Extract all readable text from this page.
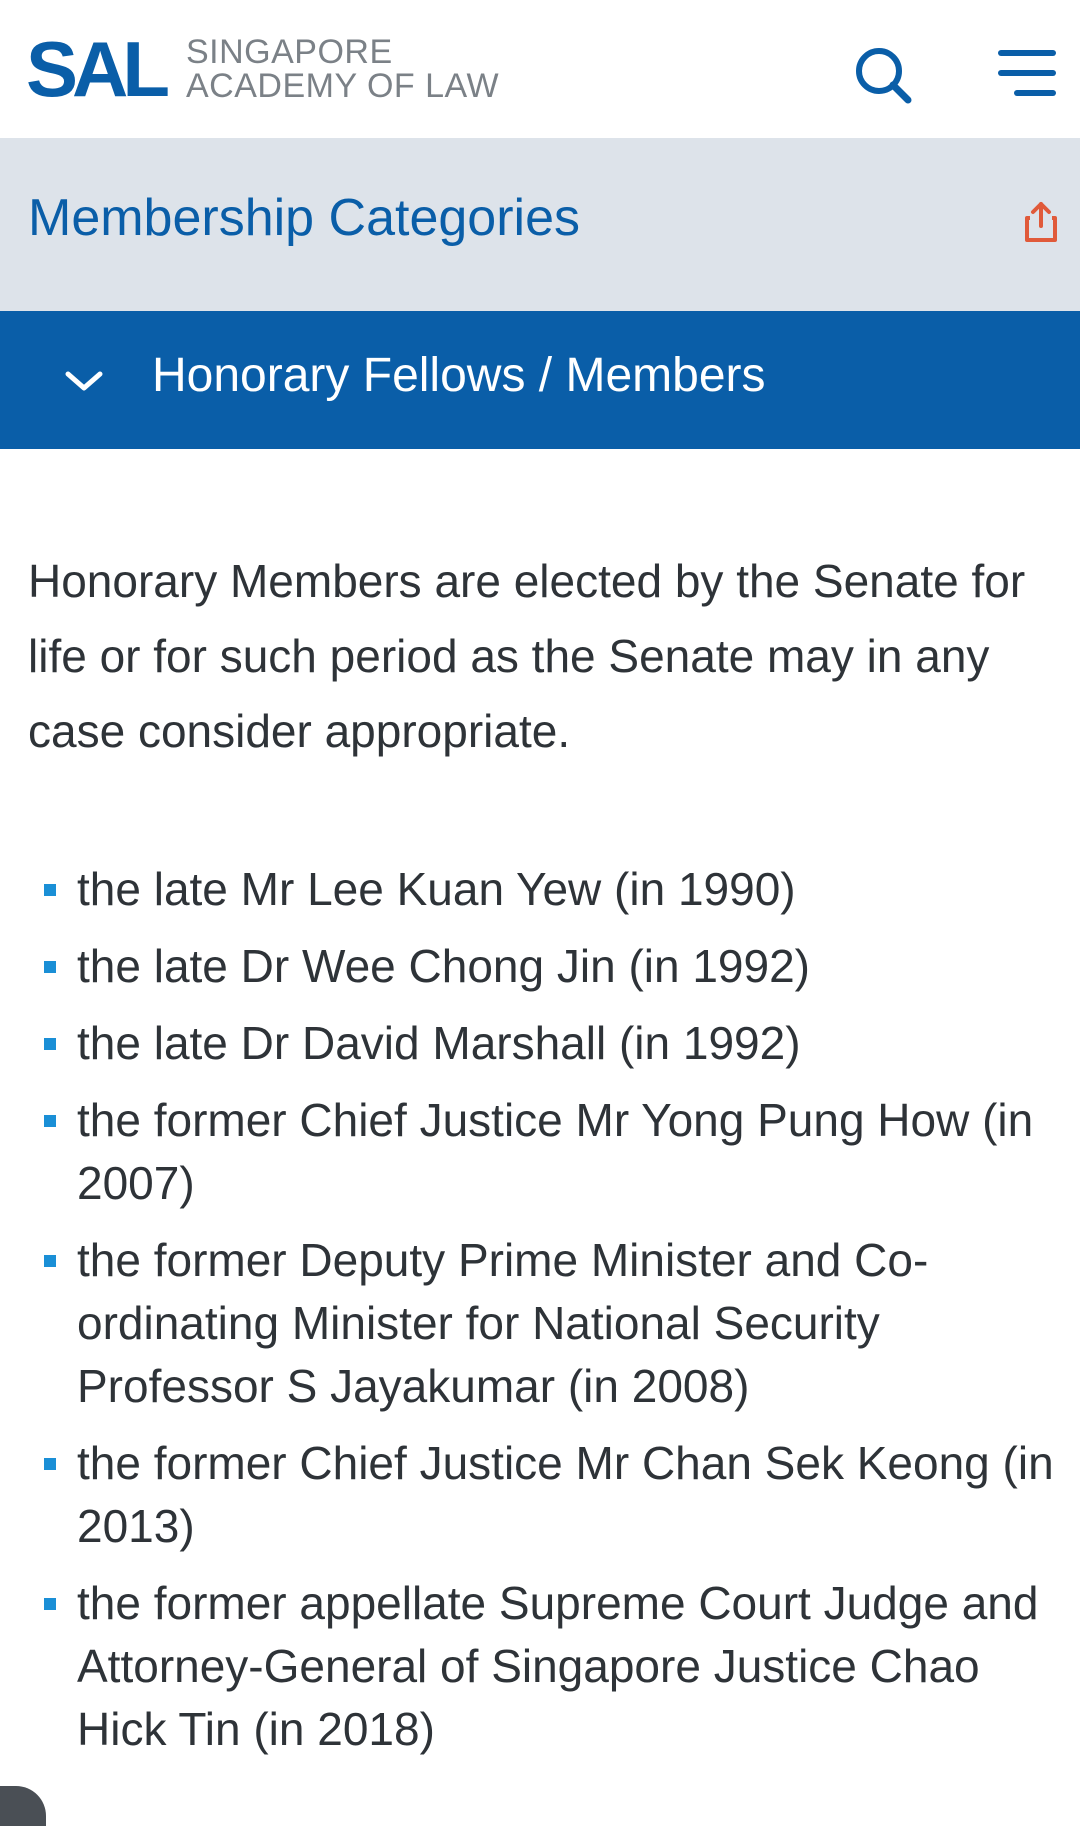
SAL SINGAPORE
ACADEMY OF LAW
Membership Categories
Honorary Fellows / Members

Honorary Members are elected by the Senate for life or for such period as the Senate may in any case consider appropriate.

the late Mr Lee Kuan Yew (in 1990)
the late Dr Wee Chong Jin (in 1992)
the late Dr David Marshall (in 1992)
the former Chief Justice Mr Yong Pung How (in 2007)
the former Deputy Prime Minister and Co-ordinating Minister for National Security Professor S Jayakumar (in 2008)
the former Chief Justice Mr Chan Sek Keong (in 2013)
the former appellate Supreme Court Judge and Attorney-General of Singapore Justice Chao Hick Tin (in 2018)
